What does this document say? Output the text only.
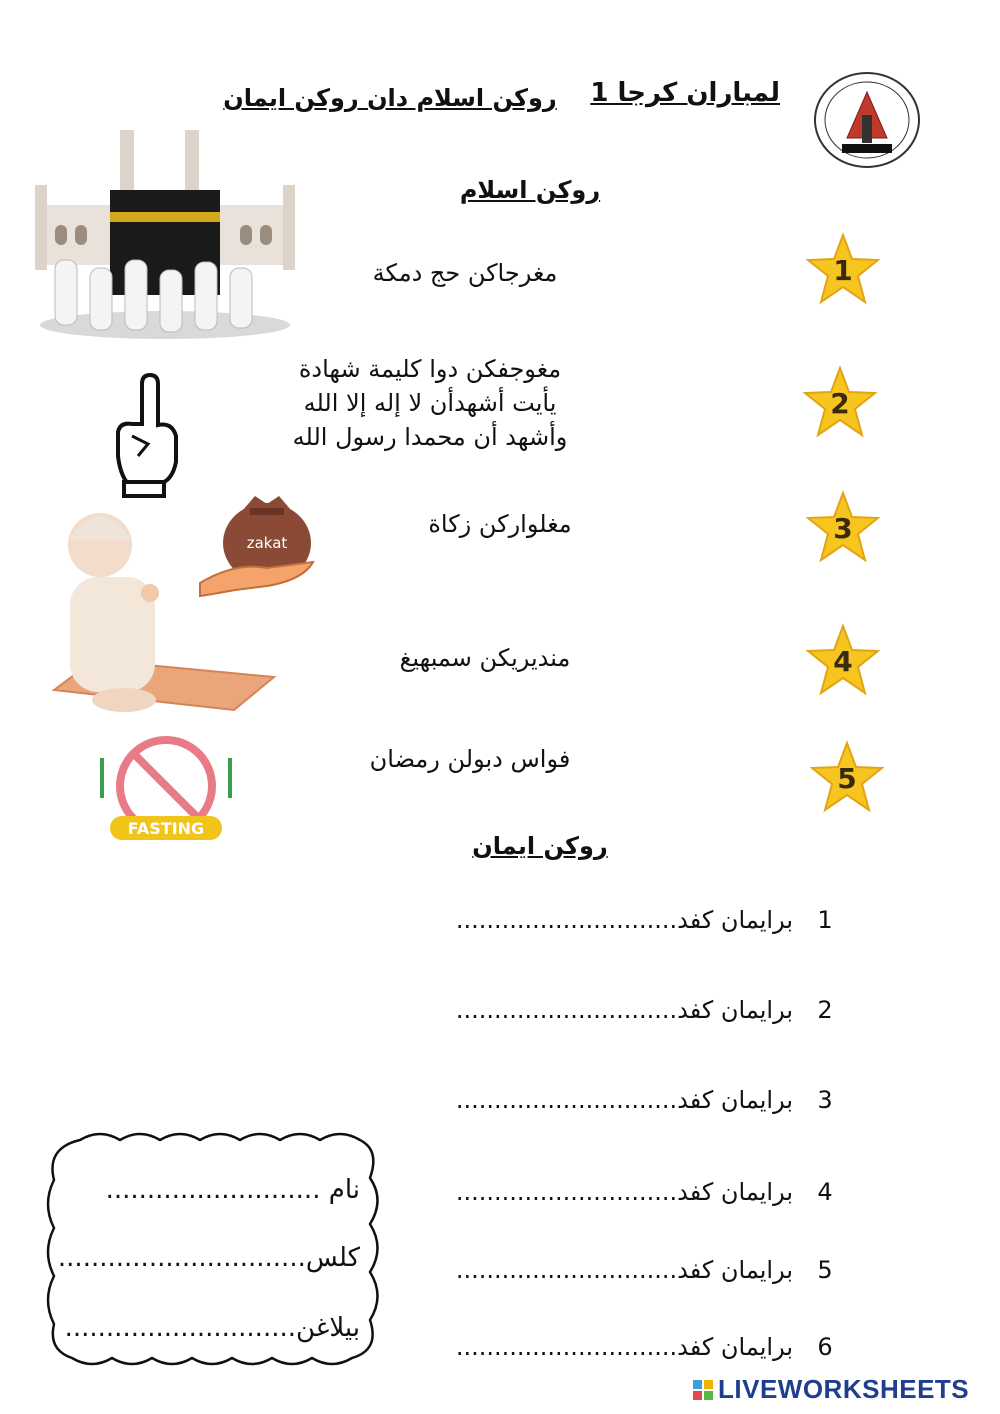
لمباران كرجا 1
روكن اسلام دان روكن ايمان
روكن اسلام
zakat
FASTING
مغرجاكن حج دمكة
مغوجفكن دوا كليمة شهادة
يأيت أشهدأن لا إله إلا الله
وأشهد أن محمدا رسول الله
مغلواركن زكاة
منديريكن سمبهيغ
فواس دبولن رمضان
1
2
3
4
5
روكن ايمان
............................. برايمان كفد 1
............................. برايمان كفد 2
............................. برايمان كفد 3
............................. برايمان كفد 4
............................. برايمان كفد 5
............................. برايمان كفد 6
نام ..........................
كلس..............................
بيلاغن............................
LIVEWORKSHEETS
